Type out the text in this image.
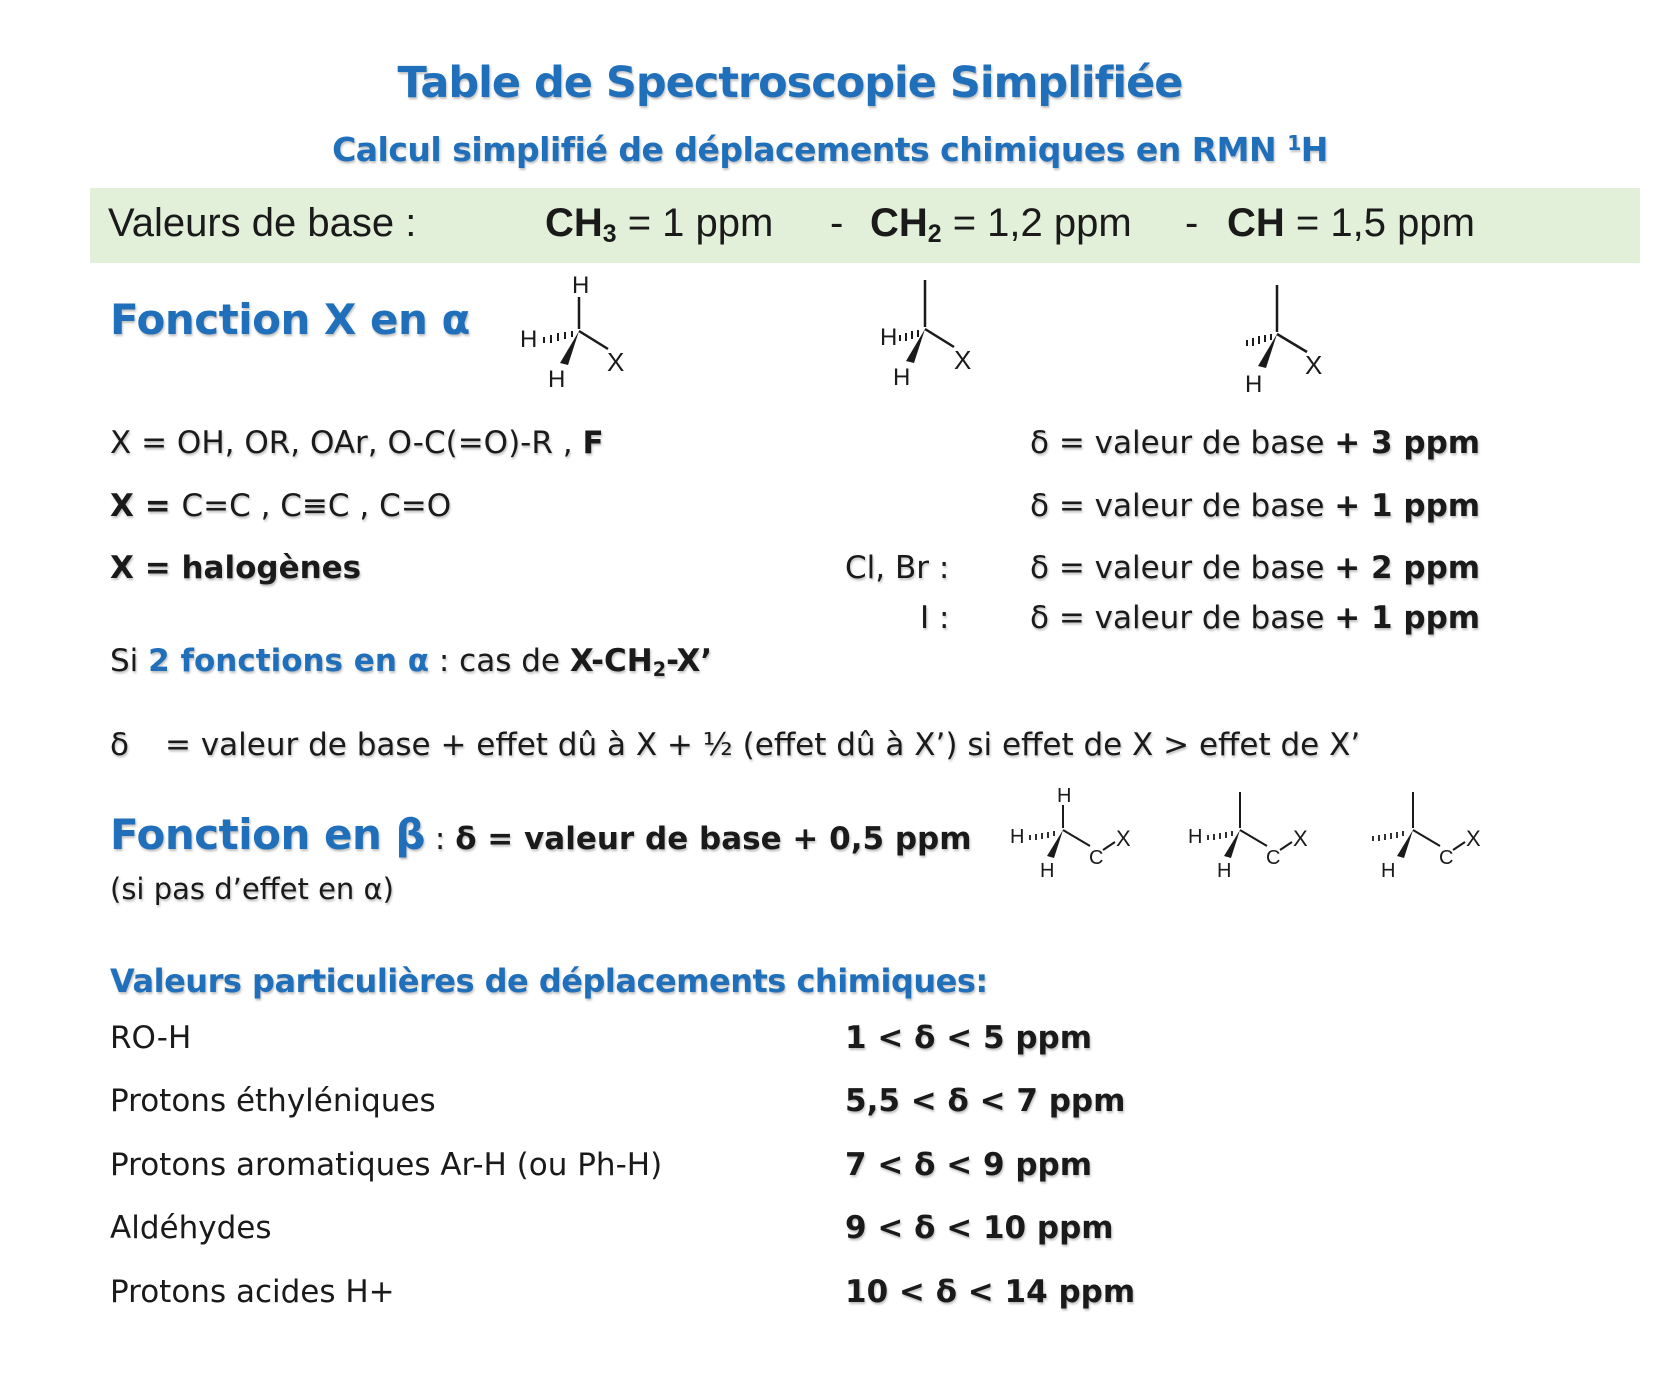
Table de Spectroscopie Simplifiée
Calcul simplifié de déplacements chimiques en RMN $^1$H
Valeurs de base :	$CH_3 = 1$ ppm - $CH_2 = 1,2$ ppm - CH = 1,5 ppm
Fonction X en α
H
H
H
X
H
H
X
H
X
X = OH, OR, OAr, O-C(=O)-R , F	δ = valeur de base + 3 ppm
X = C=C , C≡C , C=O	δ = valeur de base + 1 ppm
X = halogènes	Cl, Br :	δ = valeur de base + 2 ppm
I :	δ = valeur de base + 1 ppm
Si 2 fonctions en α : cas de $X-CH_2-X$’
δ = valeur de base + effet dû à X + ½ (effet dû à X’) si effet de X > effet de X’
Fonction en β : δ = valeur de base + 0,5 ppm
(si pas d’effet en α)
H
H
H
C
X	H
H
C
X
H
C
X
Valeurs particulières de déplacements chimiques:
RO-H	1 < δ < 5 ppm
Protons éthyléniques	5,5 < δ < 7 ppm
Protons aromatiques Ar-H (ou Ph-H)	7 < δ < 9 ppm
Aldéhydes	9 < δ < 10 ppm
Protons acides H+	10 < δ < 14 ppm
